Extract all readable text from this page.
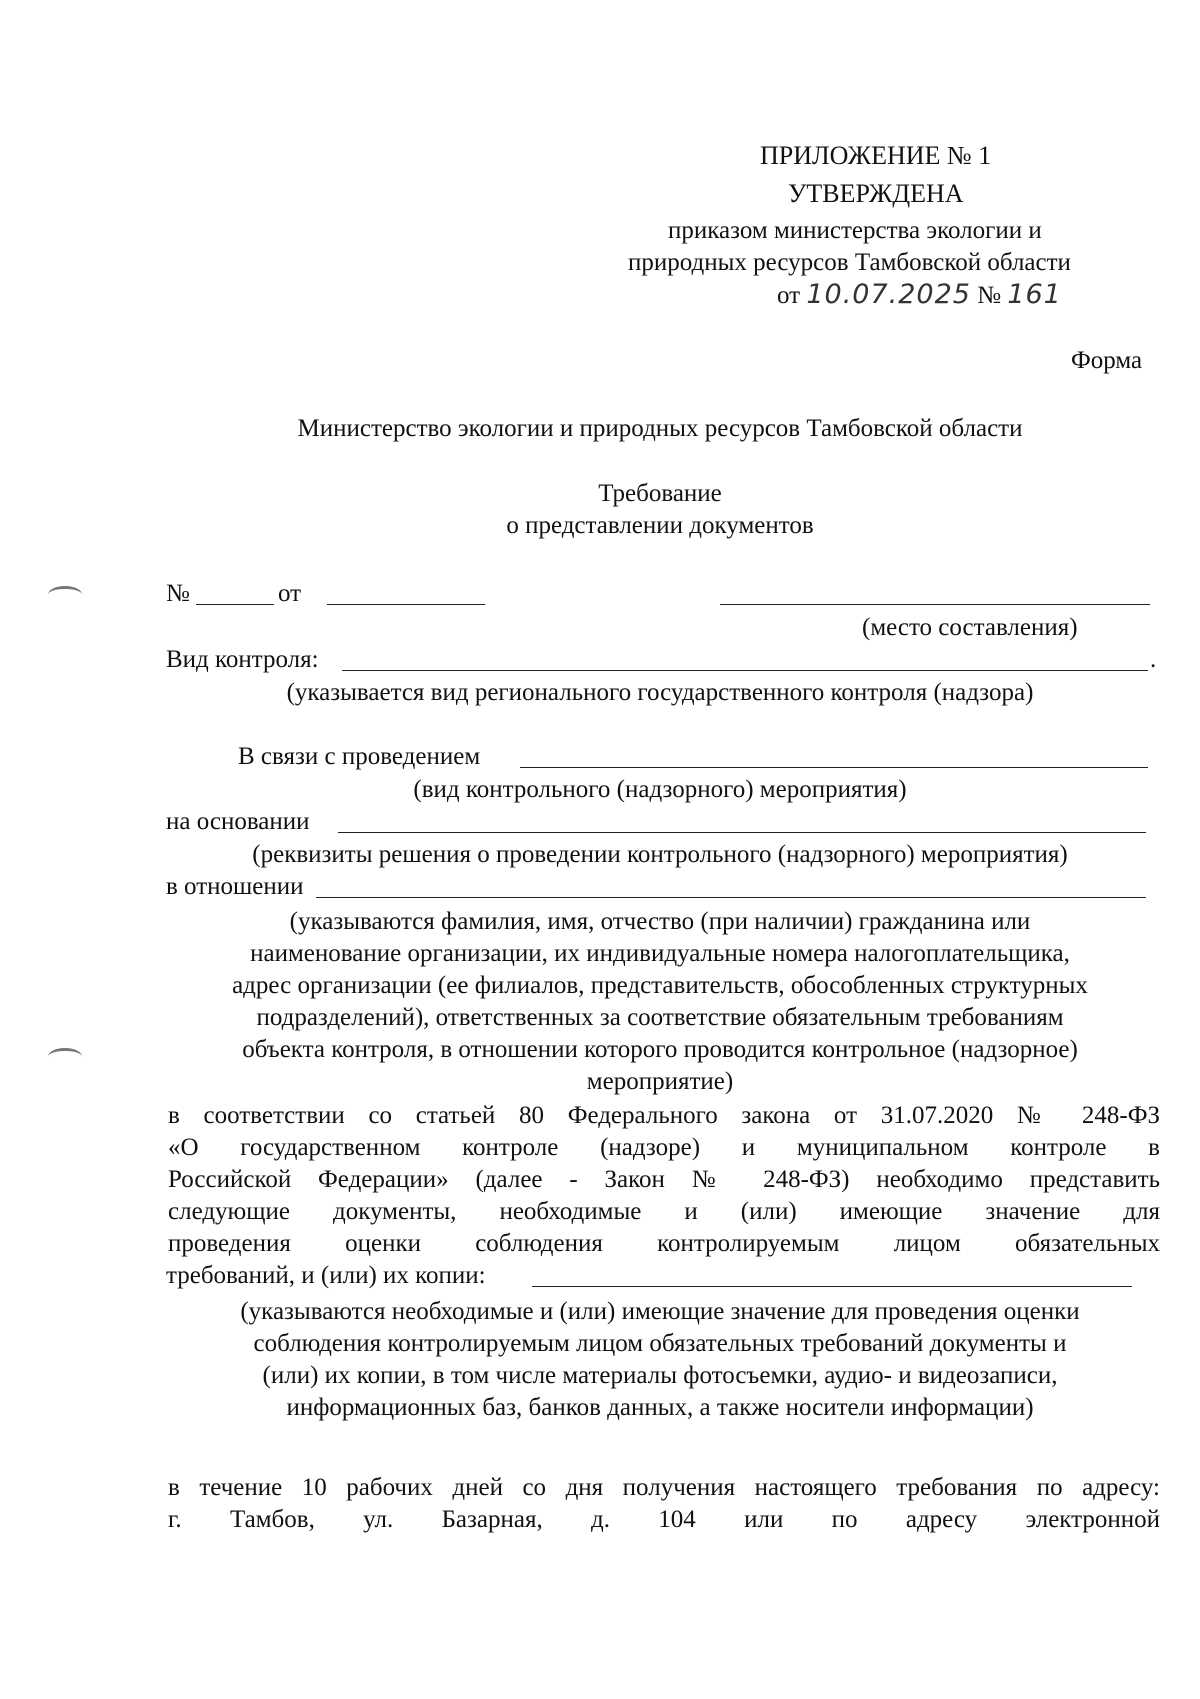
ПРИЛОЖЕНИЕ № 1
УТВЕРЖДЕНА
приказом министерства экологии и
природных ресурсов Тамбовской области
от 10.07.2025 № 161
Форма
Министерство экологии и природных ресурсов Тамбовской области
Требование
о представлении документов
№	от
(место составления)
Вид контроля:	.
(указывается вид регионального государственного контроля (надзора)
В связи с проведением
(вид контрольного (надзорного) мероприятия)
на основании
(реквизиты решения о проведении контрольного (надзорного) мероприятия)
в отношении
(указываются фамилия, имя, отчество (при наличии) гражданина или
наименование организации, их индивидуальные номера налогоплательщика,
адрес организации (ее филиалов, представительств, обособленных структурных
подразделений), ответственных за соответствие обязательным требованиям
объекта контроля, в отношении которого проводится контрольное (надзорное)
мероприятие)
в соответствии со статьей 80 Федерального закона от 31.07.2020 № 248-ФЗ
«О государственном контроле (надзоре) и муниципальном контроле в
Российской Федерации» (далее - Закон № 248-ФЗ) необходимо представить
следующие документы, необходимые и (или) имеющие значение для
проведения оценки соблюдения контролируемым лицом обязательных
требований, и (или) их копии:
(указываются необходимые и (или) имеющие значение для проведения оценки
соблюдения контролируемым лицом обязательных требований документы и
(или) их копии, в том числе материалы фотосъемки, аудио- и видеозаписи,
информационных баз, банков данных, а также носители информации)
в течение 10 рабочих дней со дня получения настоящего требования по адресу:
г. Тамбов, ул. Базарная, д. 104 или по адресу электронной
